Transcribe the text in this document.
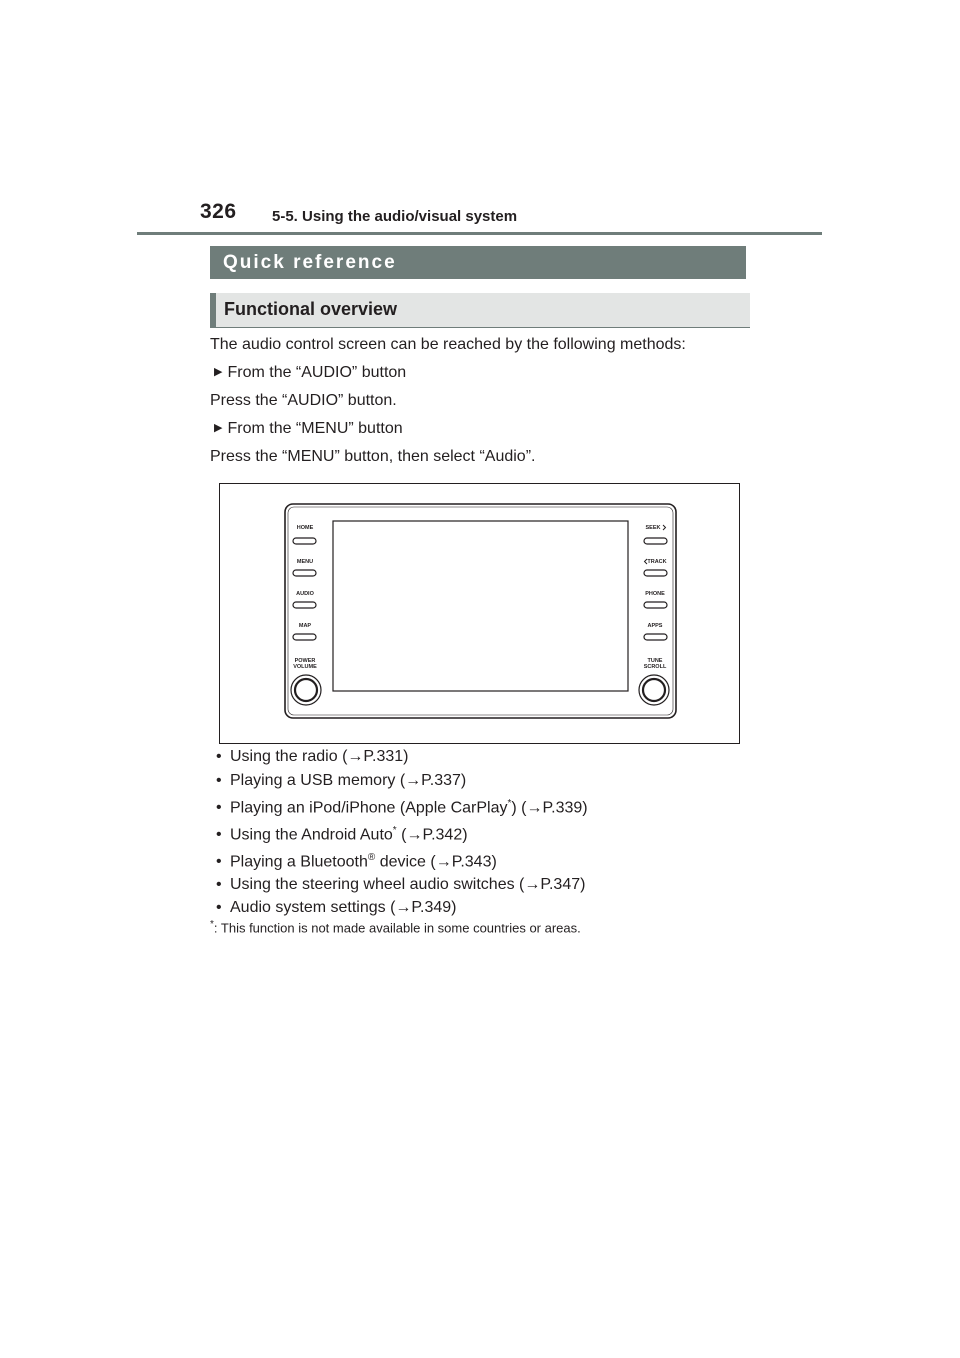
326 5-5. Using the audio/visual system
Quick reference
Functional overview
The audio control screen can be reached by the following methods:
▶ From the “AUDIO” button
Press the “AUDIO” button.
▶ From the “MENU” button
Press the “MENU” button, then select “Audio”.
HOME
MENU
AUDIO
MAP
POWER
VOLUME
SEEK
TRACK
PHONE
APPS
TUNE
SCROLL
• Using the radio (→P.331)
• Playing a USB memory (→P.337)
• Playing an iPod/iPhone (Apple CarPlay*) (→P.339)
• Using the Android Auto* (→P.342)
• Playing a Bluetooth® device (→P.343)
• Using the steering wheel audio switches (→P.347)
• Audio system settings (→P.349)
*: This function is not made available in some countries or areas.
